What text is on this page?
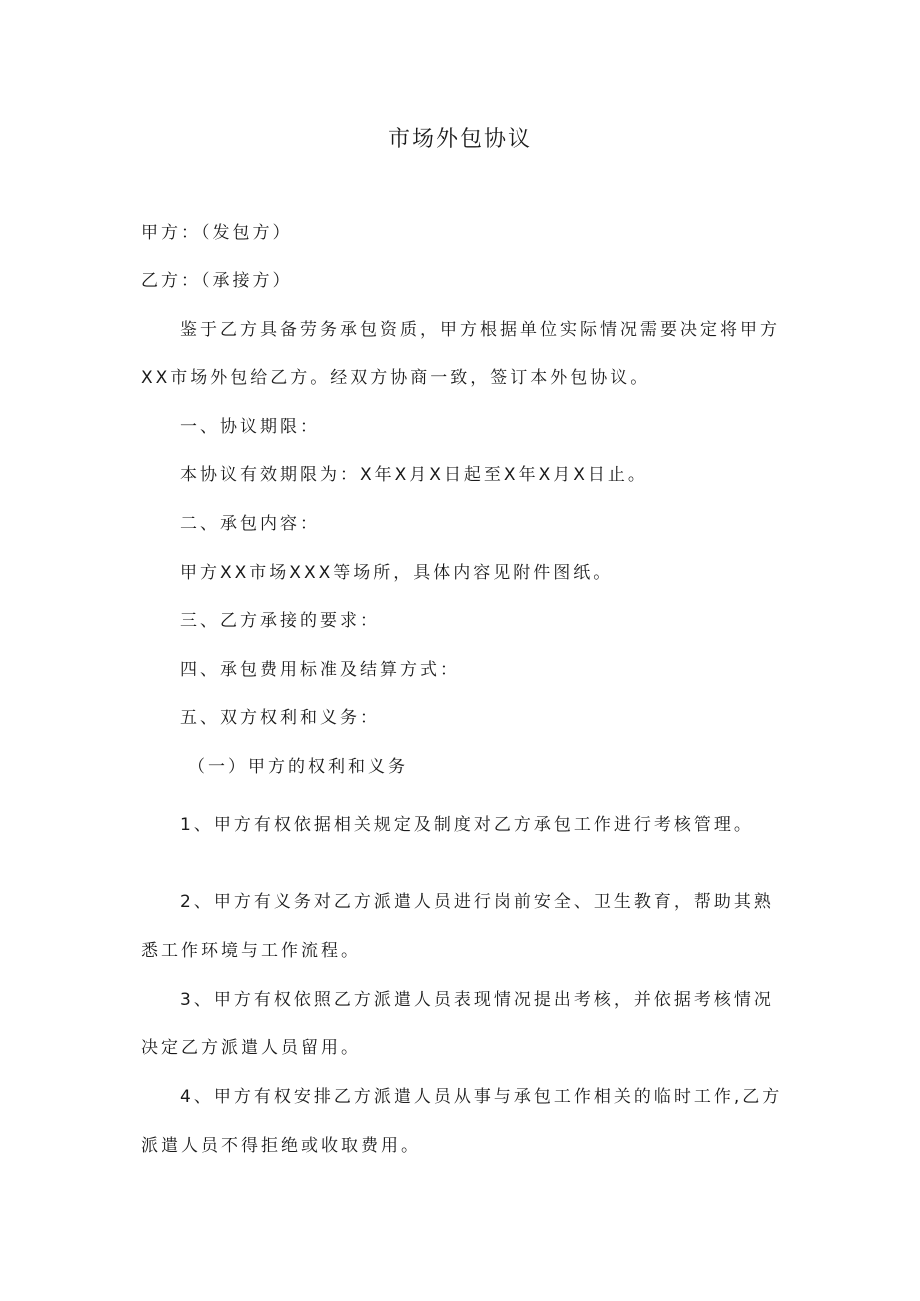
市场外包协议
甲方：（发包方）
乙方：（承接方）
鉴于乙方具备劳务承包资质，甲方根据单位实际情况需要决定将甲方
XX市场外包给乙方。经双方协商一致，签订本外包协议。
一、协议期限：
本协议有效期限为：X年X月X日起至X年X月X日止。
二、承包内容：
甲方XX市场XXX等场所，具体内容见附件图纸。
三、乙方承接的要求：
四、承包费用标准及结算方式：
五、双方权利和义务：
（一）甲方的权利和义务
1、甲方有权依据相关规定及制度对乙方承包工作进行考核管理。
2、甲方有义务对乙方派遣人员进行岗前安全、卫生教育，帮助其熟
悉工作环境与工作流程。
3、甲方有权依照乙方派遣人员表现情况提出考核，并依据考核情况
决定乙方派遣人员留用。
4、甲方有权安排乙方派遣人员从事与承包工作相关的临时工作,乙方
派遣人员不得拒绝或收取费用。
